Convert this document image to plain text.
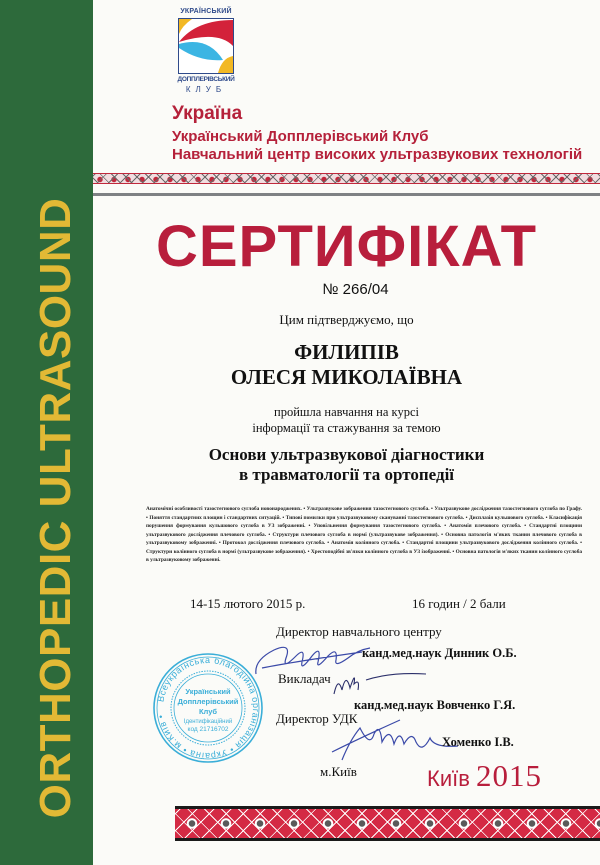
ORTHOPEDIC ULTRASOUND
УКРАЇНСЬКИЙ
ДОППЛЕРІВСЬКИЙ
КЛУБ
Україна
Український Допплерівський Клуб
Навчальний центр високих ультразвукових технологій
СЕРТИФІКАТ
№ 266/04
Цим підтверджуємо, що
ФИЛИПІВ
ОЛЕСЯ МИКОЛАЇВНА
пройшла навчання на курсі
інформації та стажування за темою
Основи ультразвукової діагностики
в травматології та ортопедії
Анатомічні особливості тазостегнового суглоба новонароджених. • Ультразвукове зображення тазостегнового суглоба. • Ультразвукове дослідження тазостегнового суглоба по Графу. • Поняття стандартних площин і стандартних ситуацій. • Типові помилки при ультразвуковому скануванні тазостегнового суглоба. • Дисплазія кульшового суглоба. • Класифікація порушення формування кульшового суглоба в УЗ зображенні. • Уповільнення формування тазостегнового суглоба. • Анатомія плечового суглоба. • Стандартні площини ультразвукового дослідження плечового суглоба. • Структури плечового суглоба в нормі (ультразвукове зображення). • Основна патологія м'яких тканин плечового суглоба в ультразвуковому зображенні. • Протокол дослідження плечового суглоба. • Анатомія колінного суглоба. • Стандартні площини ультразвукового дослідження колінного суглоба. • Структури колінного суглоба в нормі (ультразвукове зображення). • Хрестоподібні зв'язки колінного суглоба в УЗ ізображенні. • Основна патологія м'яких тканин колінного суглоба в ультразвуковому зображенні.
14-15 лютого 2015 р.	16 годин / 2 бали
Всеукраїнська благодійна організація • Україна • м.Київ •
Український
Допплерівський
Клуб
Ідентифікаційний
код 21716702
Директор навчального центру
канд.мед.наук Динник О.Б.
Викладач
канд.мед.наук Вовченко Г.Я.
Директор УДК
Хоменко І.В.
м.Київ	Київ 2015
